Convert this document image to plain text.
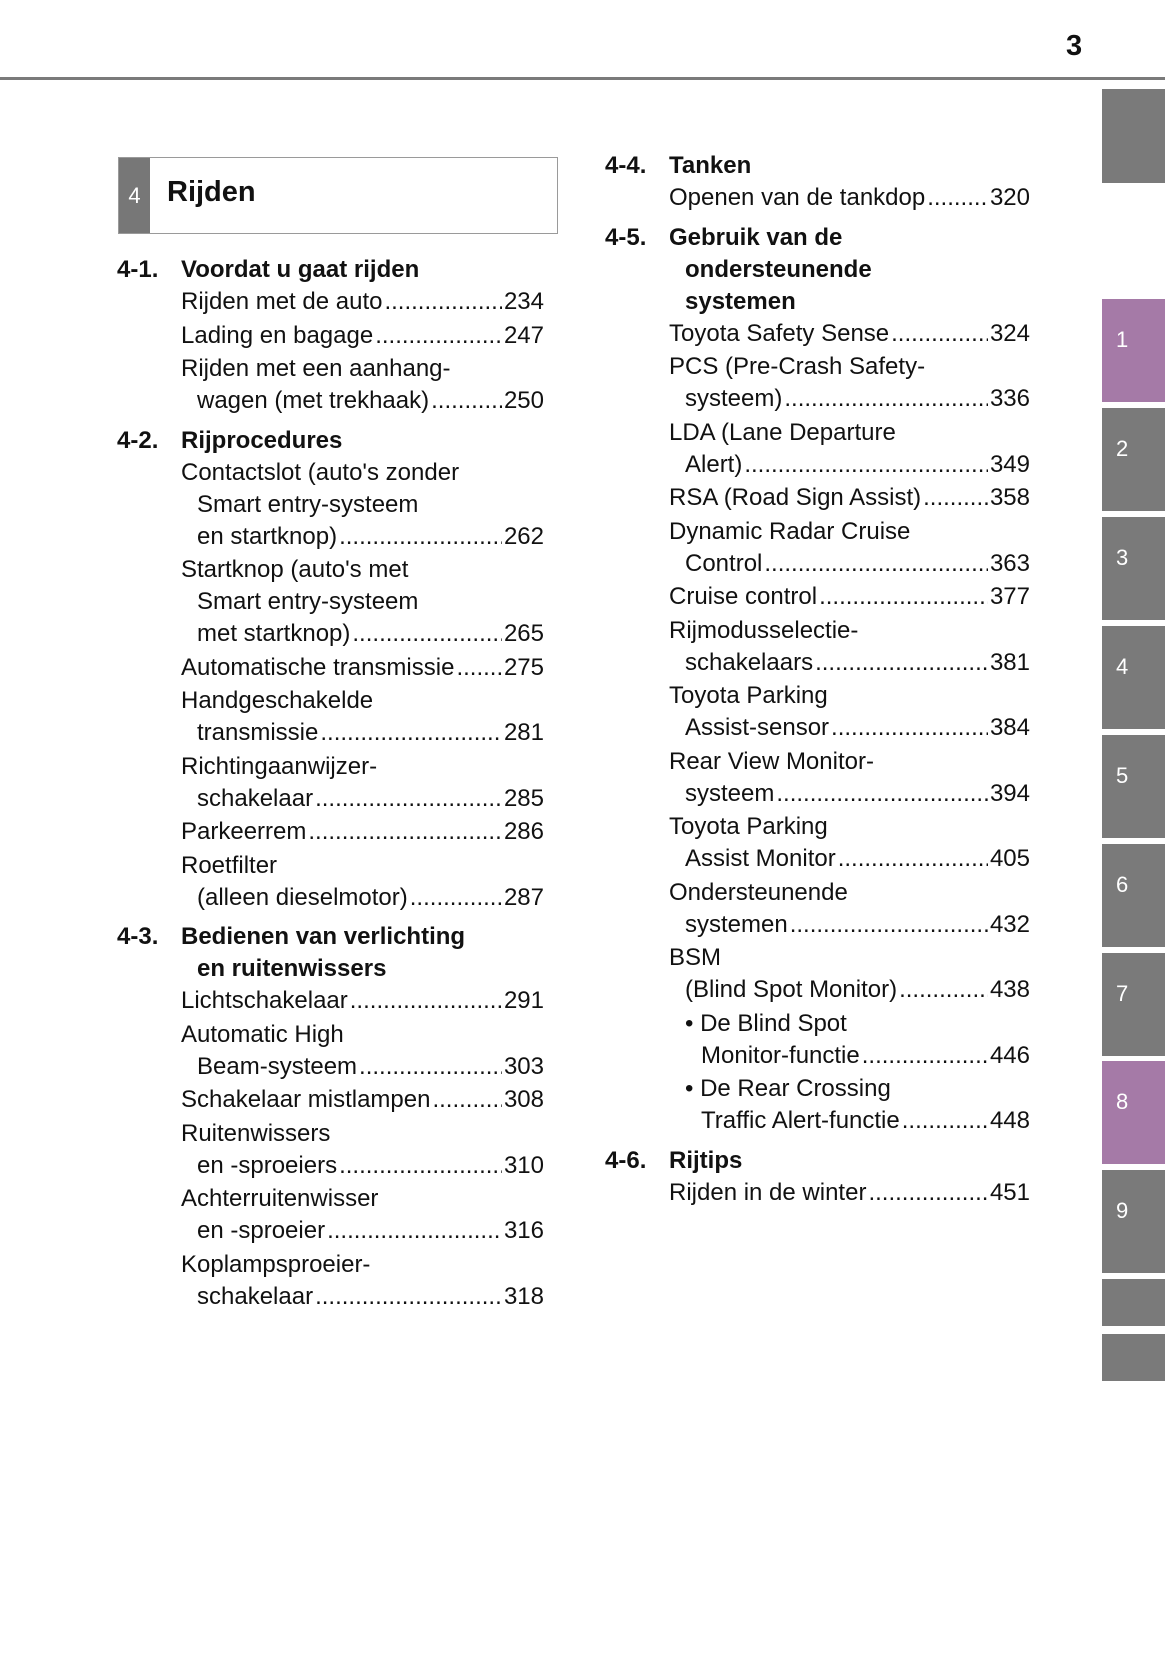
3
4 Rijden
4-1. Voordat u gaat rijden
Rijden met de auto .....	234
Lading en bagage .....	247
Rijden met een aanhang-
wagen (met trekhaak) .....	250
4-2. Rijprocedures
Contactslot (auto's zonder
Smart entry-systeem
en startknop) .....	262
Startknop (auto's met
Smart entry-systeem
met startknop) .....	265
Automatische transmissie ..... 275
Handgeschakelde
transmissie .....	281
Richtingaanwijzer-
schakelaar .....	285
Parkeerrem .....	286
Roetfilter
(alleen dieselmotor) .....	287
4-3. Bedienen van verlichting
en ruitenwissers
Lichtschakelaar .....	291
Automatic High
Beam-systeem .....	303
Schakelaar mistlampen .....	308
Ruitenwissers
en -sproeiers .....	310
Achterruitenwisser
en -sproeier .....	316
Koplampsproeier-
schakelaar .....	318
4-4. Tanken
Openen van de tankdop .....	320
4-5. Gebruik van de
ondersteunende
systemen
Toyota Safety Sense .....	324
PCS (Pre-Crash Safety-
systeem) .....	336
LDA (Lane Departure
Alert) .....	349
RSA (Road Sign Assist) .....	358
Dynamic Radar Cruise
Control .....	363
Cruise control .....	377
Rijmodusselectie-
schakelaars .....	381
Toyota Parking
Assist-sensor .....	384
Rear View Monitor-
systeem .....	394
Toyota Parking
Assist Monitor .....	405
Ondersteunende
systemen .....	432
BSM
(Blind Spot Monitor) .....	438
• De Blind Spot
Monitor-functie .....	446
• De Rear Crossing
Traffic Alert-functie .....	448
4-6. Rijtips
Rijden in de winter .....	451
1
2
3
4
5
6
7
8
9
